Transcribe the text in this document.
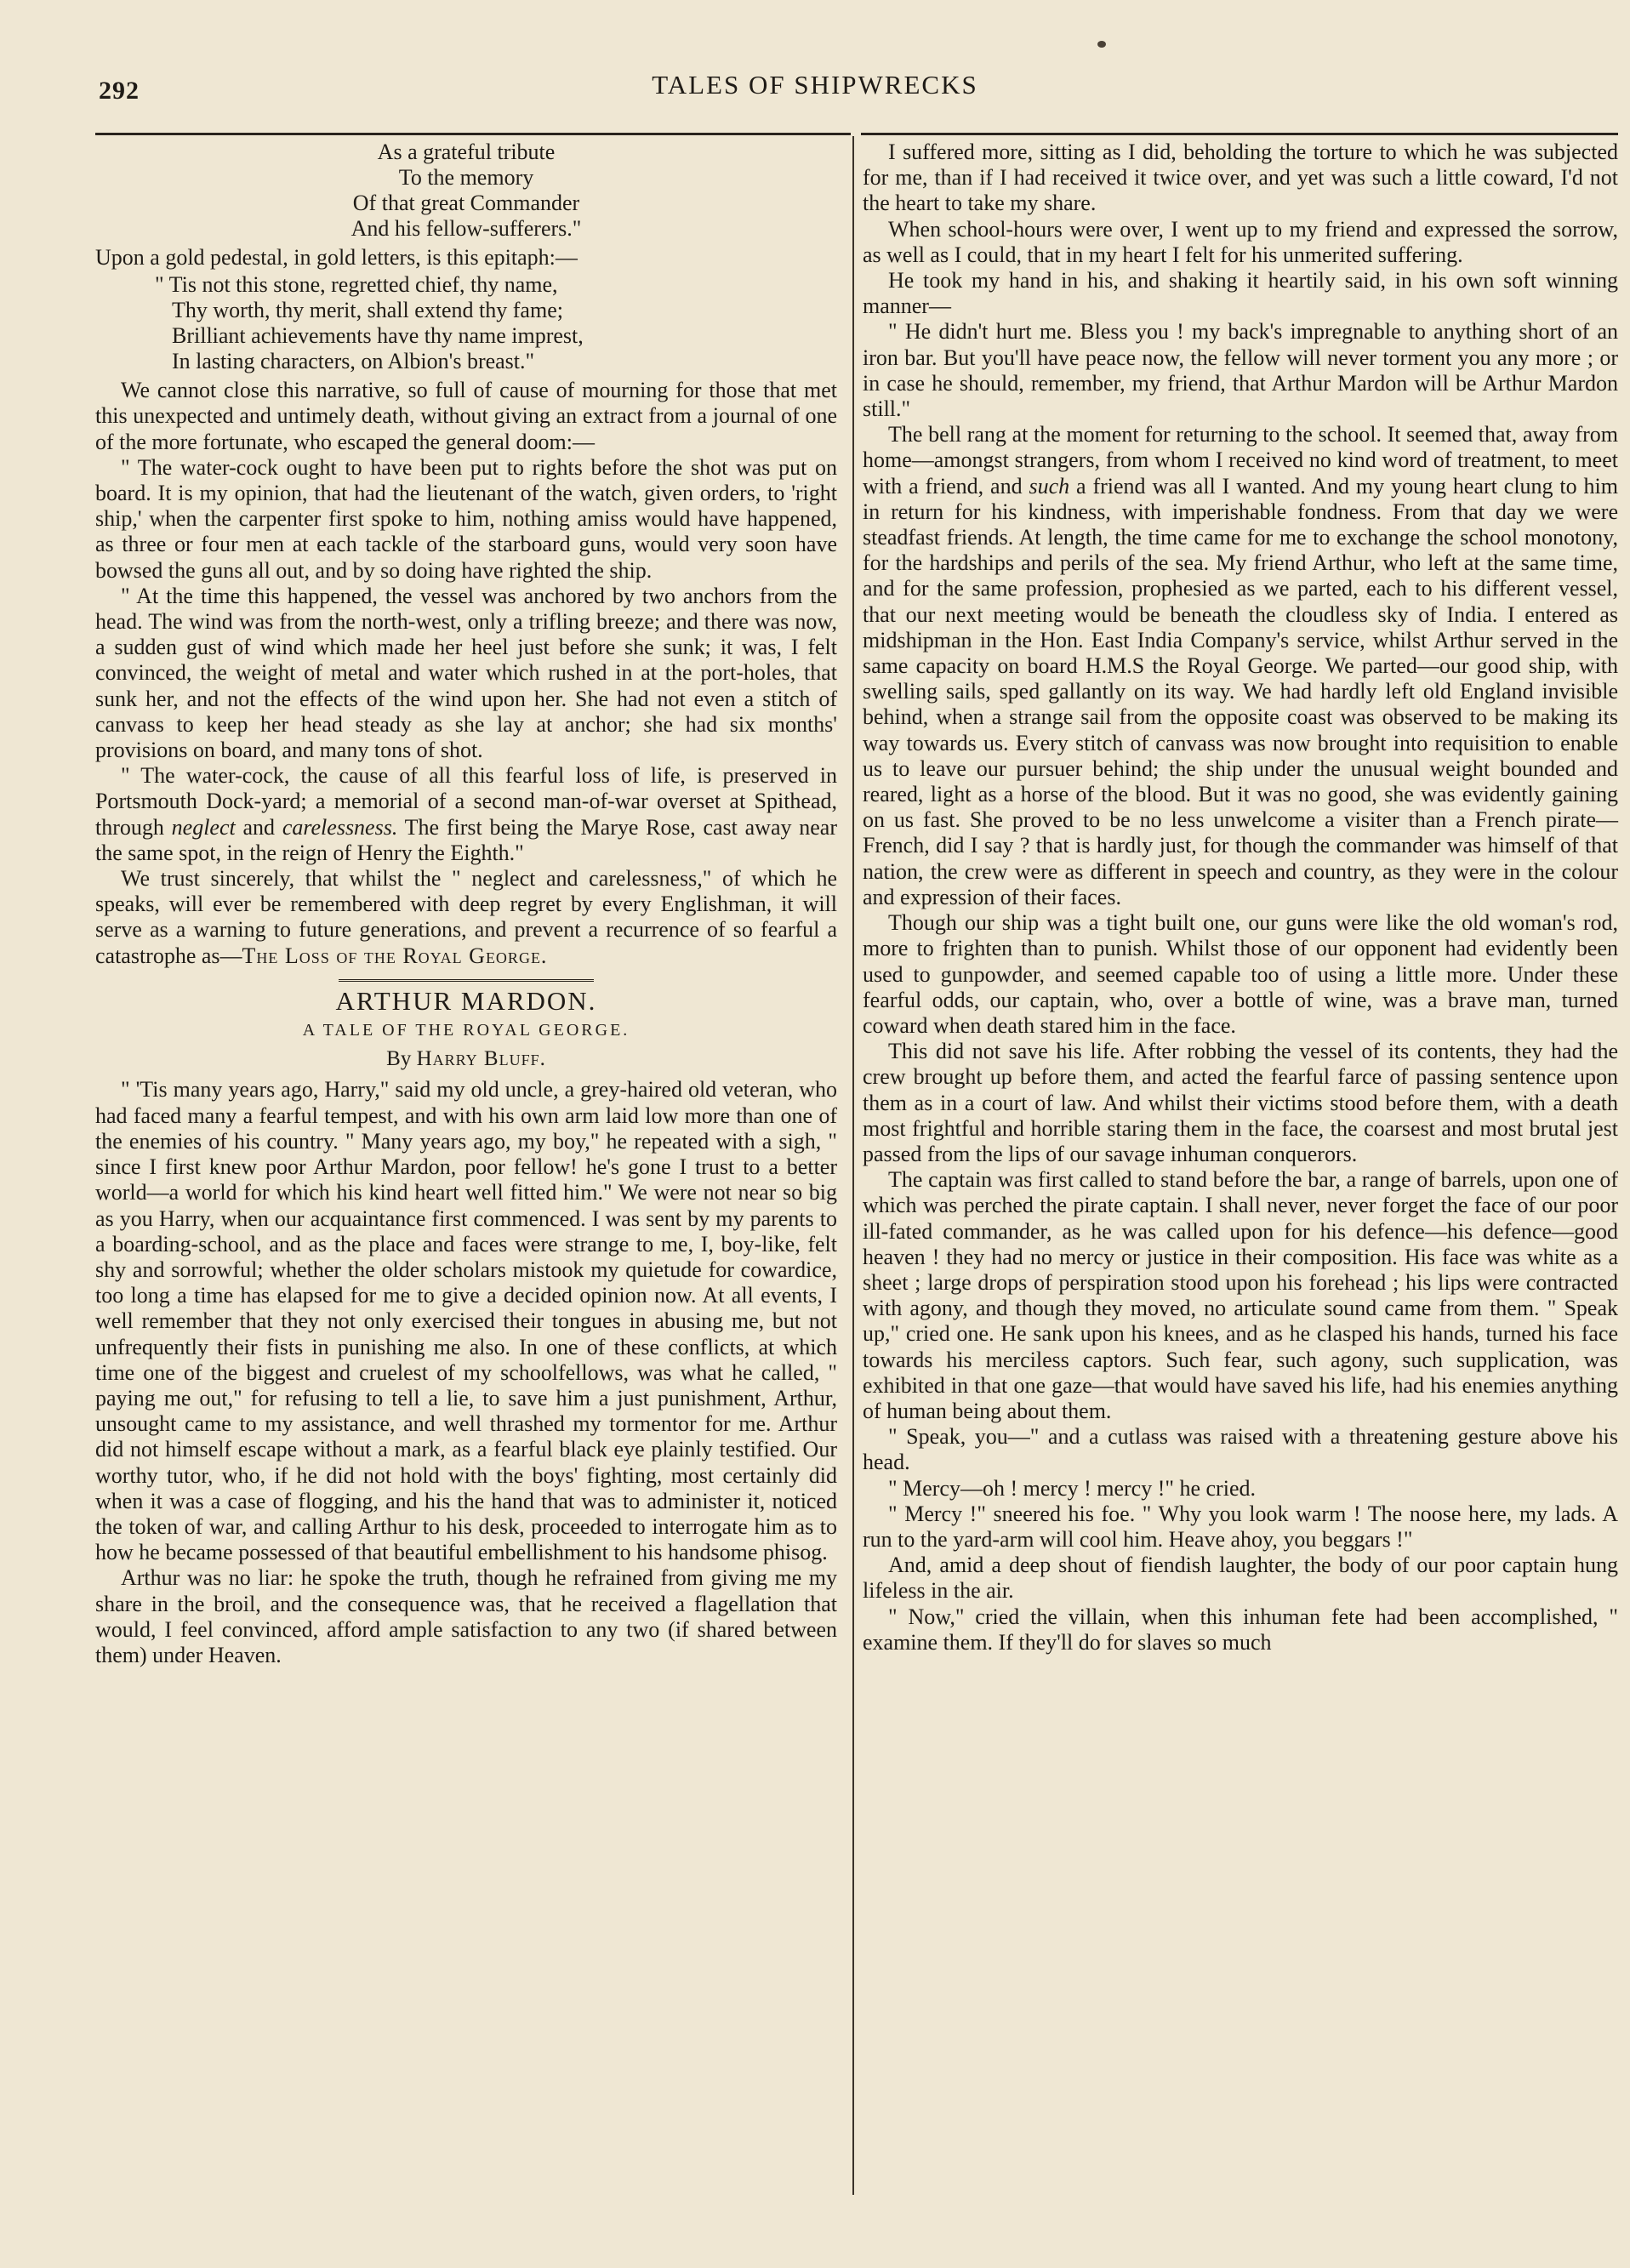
292	TALES OF SHIPWRECKS
As a grateful tribute
To the memory
Of that great Commander
And his fellow-sufferers."

Upon a gold pedestal, in gold letters, is this epitaph:—

" Tis not this stone, regretted chief, thy name,
Thy worth, thy merit, shall extend thy fame;
Brilliant achievements have thy name imprest,
In lasting characters, on Albion's breast."

We cannot close this narrative, so full of cause of mourning for those that met this unexpected and untimely death, without giving an extract from a journal of one of the more fortunate, who escaped the general doom:—

" The water-cock ought to have been put to rights before the shot was put on board. It is my opinion, that had the lieutenant of the watch, given orders, to 'right ship,' when the carpenter first spoke to him, nothing amiss would have happened, as three or four men at each tackle of the starboard guns, would very soon have bowsed the guns all out, and by so doing have righted the ship.

" At the time this happened, the vessel was anchored by two anchors from the head. The wind was from the north-west, only a trifling breeze; and there was now, a sudden gust of wind which made her heel just before she sunk; it was, I felt convinced, the weight of metal and water which rushed in at the port-holes, that sunk her, and not the effects of the wind upon her. She had not even a stitch of canvass to keep her head steady as she lay at anchor; she had six months' provisions on board, and many tons of shot.

" The water-cock, the cause of all this fearful loss of life, is preserved in Portsmouth Dock-yard; a memorial of a second man-of-war overset at Spithead, through neglect and carelessness. The first being the Marye Rose, cast away near the same spot, in the reign of Henry the Eighth."

We trust sincerely, that whilst the " neglect and carelessness," of which he speaks, will ever be remembered with deep regret by every Englishman, it will serve as a warning to future generations, and prevent a recurrence of so fearful a catastrophe as—The Loss of the Royal George.

ARTHUR MARDON.
A TALE OF THE ROYAL GEORGE.
By Harry Bluff.

" 'Tis many years ago, Harry," said my old uncle, a grey-haired old veteran, who had faced many a fearful tempest, and with his own arm laid low more than one of the enemies of his country. " Many years ago, my boy," he repeated with a sigh, " since I first knew poor Arthur Mardon, poor fellow! he's gone I trust to a better world—a world for which his kind heart well fitted him." We were not near so big as you Harry, when our acquaintance first commenced. I was sent by my parents to a boarding-school, and as the place and faces were strange to me, I, boy-like, felt shy and sorrowful; whether the older scholars mistook my quietude for cowardice, too long a time has elapsed for me to give a decided opinion now. At all events, I well remember that they not only exercised their tongues in abusing me, but not unfrequently their fists in punishing me also. In one of these conflicts, at which time one of the biggest and cruelest of my schoolfellows, was what he called, " paying me out," for refusing to tell a lie, to save him a just punishment, Arthur, unsought came to my assistance, and well thrashed my tormentor for me. Arthur did not himself escape without a mark, as a fearful black eye plainly testified. Our worthy tutor, who, if he did not hold with the boys' fighting, most certainly did when it was a case of flogging, and his the hand that was to administer it, noticed the token of war, and calling Arthur to his desk, proceeded to interrogate him as to how he became possessed of that beautiful embellishment to his handsome phisog.

Arthur was no liar: he spoke the truth, though he refrained from giving me my share in the broil, and the consequence was, that he received a flagellation that would, I feel convinced, afford ample satisfaction to any two (if shared between them) under Heaven.

I suffered more, sitting as I did, beholding the torture to which he was subjected for me, than if I had received it twice over, and yet was such a little coward, I'd not the heart to take my share.

When school-hours were over, I went up to my friend and expressed the sorrow, as well as I could, that in my heart I felt for his unmerited suffering.

He took my hand in his, and shaking it heartily said, in his own soft winning manner—

" He didn't hurt me. Bless you ! my back's impregnable to anything short of an iron bar. But you'll have peace now, the fellow will never torment you any more ; or in case he should, remember, my friend, that Arthur Mardon will be Arthur Mardon still."

The bell rang at the moment for returning to the school. It seemed that, away from home—amongst strangers, from whom I received no kind word of treatment, to meet with a friend, and such a friend was all I wanted. And my young heart clung to him in return for his kindness, with imperishable fondness. From that day we were steadfast friends. At length, the time came for me to exchange the school monotony, for the hardships and perils of the sea. My friend Arthur, who left at the same time, and for the same profession, prophesied as we parted, each to his different vessel, that our next meeting would be beneath the cloudless sky of India. I entered as midshipman in the Hon. East India Company's service, whilst Arthur served in the same capacity on board H.M.S the Royal George. We parted—our good ship, with swelling sails, sped gallantly on its way. We had hardly left old England invisible behind, when a strange sail from the opposite coast was observed to be making its way towards us. Every stitch of canvass was now brought into requisition to enable us to leave our pursuer behind; the ship under the unusual weight bounded and reared, light as a horse of the blood. But it was no good, she was evidently gaining on us fast. She proved to be no less unwelcome a visiter than a French pirate—French, did I say ? that is hardly just, for though the commander was himself of that nation, the crew were as different in speech and country, as they were in the colour and expression of their faces.

Though our ship was a tight built one, our guns were like the old woman's rod, more to frighten than to punish. Whilst those of our opponent had evidently been used to gunpowder, and seemed capable too of using a little more. Under these fearful odds, our captain, who, over a bottle of wine, was a brave man, turned coward when death stared him in the face.

This did not save his life. After robbing the vessel of its contents, they had the crew brought up before them, and acted the fearful farce of passing sentence upon them as in a court of law. And whilst their victims stood before them, with a death most frightful and horrible staring them in the face, the coarsest and most brutal jest passed from the lips of our savage inhuman conquerors.

The captain was first called to stand before the bar, a range of barrels, upon one of which was perched the pirate captain. I shall never, never forget the face of our poor ill-fated commander, as he was called upon for his defence—his defence—good heaven ! they had no mercy or justice in their composition. His face was white as a sheet ; large drops of perspiration stood upon his forehead ; his lips were contracted with agony, and though they moved, no articulate sound came from them. " Speak up," cried one. He sank upon his knees, and as he clasped his hands, turned his face towards his merciless captors. Such fear, such agony, such supplication, was exhibited in that one gaze—that would have saved his life, had his enemies anything of human being about them.

" Speak, you—" and a cutlass was raised with a threatening gesture above his head.

" Mercy—oh ! mercy ! mercy !" he cried.

" Mercy !" sneered his foe. " Why you look warm ! The noose here, my lads. A run to the yard-arm will cool him. Heave ahoy, you beggars !"

And, amid a deep shout of fiendish laughter, the body of our poor captain hung lifeless in the air.

" Now," cried the villain, when this inhuman fete had been accomplished, " examine them. If they'll do for slaves so much
